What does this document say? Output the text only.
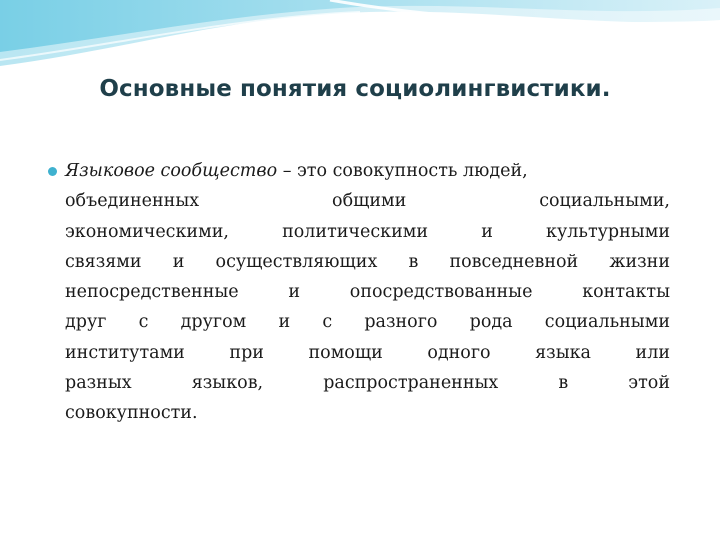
Основные понятия социолингвистики.
Языковое сообщество – это совокупность людей,
объединенных общими социальными,
экономическими, политическими и культурными
связями и осуществляющих в повседневной жизни
непосредственные и опосредствованные контакты
друг с другом и с разного рода социальными
институтами при помощи одного языка или
разных языков, распространенных в этой
совокупности.
